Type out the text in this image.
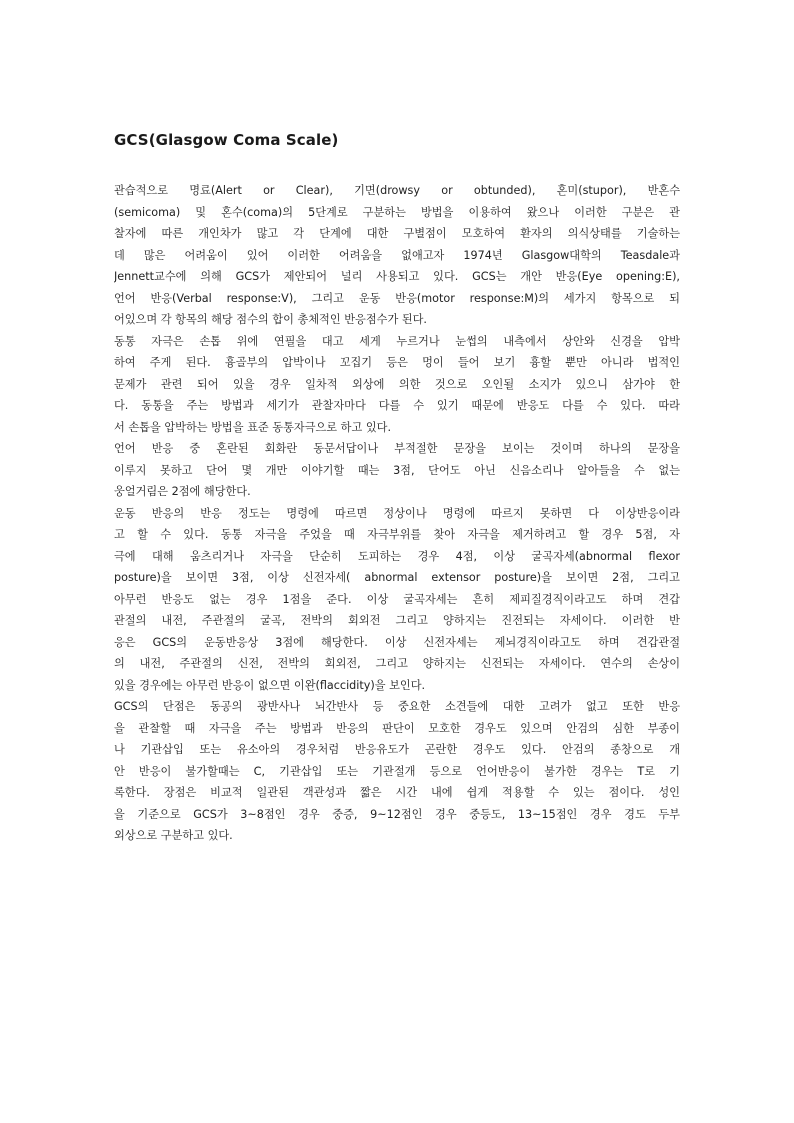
GCS(Glasgow Coma Scale)
관습적으로 명료(Alert or Clear), 기면(drowsy or obtunded), 혼미(stupor), 반혼수
(semicoma) 및 혼수(coma)의 5단계로 구분하는 방법을 이용하여 왔으나 이러한 구분은 관
찰자에 따른 개인차가 많고 각 단계에 대한 구별점이 모호하여 환자의 의식상태를 기술하는
데 많은 어려움이 있어 이러한 어려움을 없애고자 1974년 Glasgow대학의 Teasdale과
Jennett교수에 의해 GCS가 제안되어 널리 사용되고 있다. GCS는 개안 반응(Eye opening:E),
언어 반응(Verbal response:V), 그리고 운동 반응(motor response:M)의 세가지 항목으로 되
어있으며 각 항목의 해당 점수의 합이 총체적인 반응점수가 된다.
동통 자극은 손톱 위에 연필을 대고 세게 누르거나 눈썹의 내측에서 상안와 신경을 압박
하여 주게 된다. 흉골부의 압박이나 꼬집기 등은 멍이 들어 보기 흉할 뿐만 아니라 법적인
문제가 관련 되어 있을 경우 일차적 외상에 의한 것으로 오인될 소지가 있으니 삼가야 한
다. 동통을 주는 방법과 세기가 관찰자마다 다를 수 있기 때문에 반응도 다를 수 있다. 따라
서 손톱을 압박하는 방법을 표준 동통자극으로 하고 있다.
언어 반응 중 혼란된 회화란 동문서답이나 부적절한 문장을 보이는 것이며 하나의 문장을
이루지 못하고 단어 몇 개만 이야기할 때는 3점, 단어도 아닌 신음소리나 알아들을 수 없는
웅얼거림은 2점에 해당한다.
운동 반응의 반응 정도는 명령에 따르면 정상이나 명령에 따르지 못하면 다 이상반응이라
고 할 수 있다. 동통 자극을 주었을 때 자극부위를 찾아 자극을 제거하려고 할 경우 5점, 자
극에 대해 움츠리거나 자극을 단순히 도피하는 경우 4점, 이상 굴곡자세(abnormal flexor
posture)을 보이면 3점, 이상 신전자세( abnormal extensor posture)을 보이면 2점, 그리고
아무런 반응도 없는 경우 1점을 준다. 이상 굴곡자세는 흔히 제피질경직이라고도 하며 견갑
관절의 내전, 주관절의 굴곡, 전박의 회외전 그리고 양하지는 진전되는 자세이다. 이러한 반
응은 GCS의 운동반응상 3점에 해당한다. 이상 신전자세는 제뇌경직이라고도 하며 견갑관절
의 내전, 주관절의 신전, 전박의 회외전, 그리고 양하지는 신전되는 자세이다. 연수의 손상이
있을 경우에는 아무런 반응이 없으면 이완(flaccidity)을 보인다.
GCS의 단점은 동공의 광반사나 뇌간반사 등 중요한 소견들에 대한 고려가 없고 또한 반응
을 관찰할 때 자극을 주는 방법과 반응의 판단이 모호한 경우도 있으며 안검의 심한 부종이
나 기관삽입 또는 유소아의 경우처럼 반응유도가 곤란한 경우도 있다. 안검의 종창으로 개
안 반응이 불가할때는 C, 기관삽입 또는 기관절개 등으로 언어반응이 불가한 경우는 T로 기
록한다. 장점은 비교적 일관된 객관성과 짧은 시간 내에 쉽게 적용할 수 있는 점이다. 성인
을 기준으로 GCS가 3~8점인 경우 중증, 9~12점인 경우 중등도, 13~15점인 경우 경도 두부
외상으로 구분하고 있다.
